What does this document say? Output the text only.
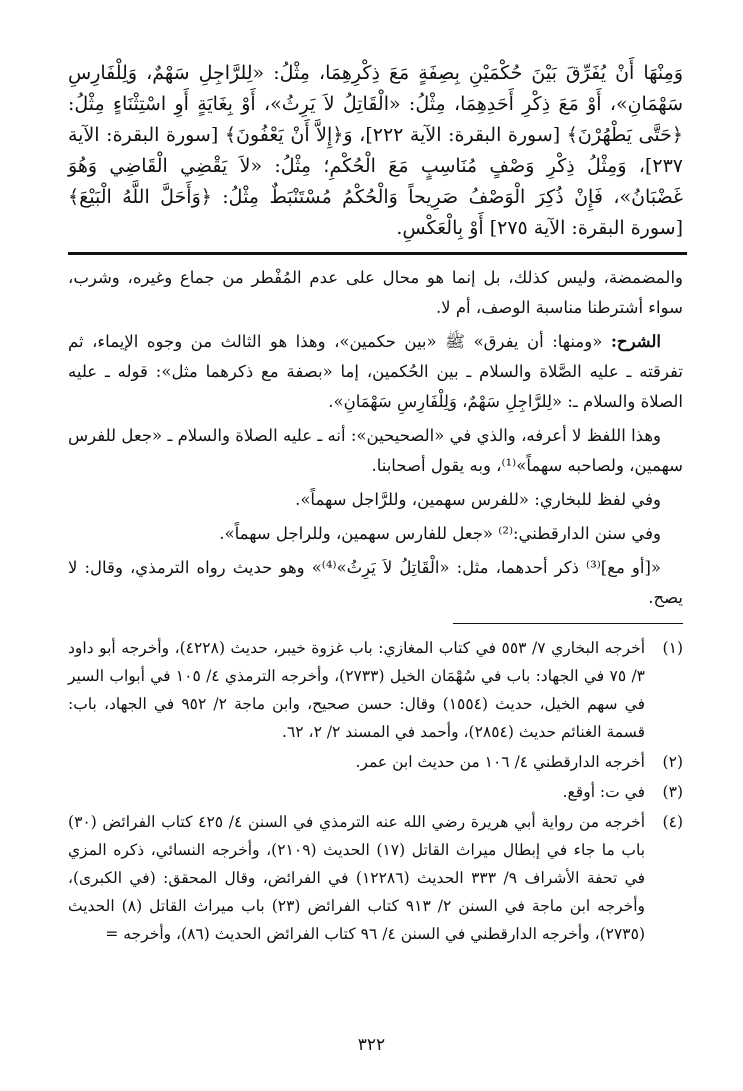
وَمِنْهَا أَنْ يُفَرِّقَ بَيْنَ حُكْمَيْنِ بِصِفَةٍ مَعَ ذِكْرِهِمَا، مِثْلُ: «لِلرَّاجِلِ سَهْمٌ، وَلِلْفَارِسِ سَهْمَانِ»، أَوْ مَعَ ذِكْرِ أَحَدِهِمَا، مِثْلُ: «الْقَاتِلُ لاَ يَرِثُ»، أَوْ بِغَايَةٍ أَوِ اسْتِثْنَاءٍ مِثْلُ: ﴿حَتَّى يَطْهُرْنَ﴾ [سورة البقرة: الآية ٢٢٢]، وَ﴿إِلاَّ أَنْ يَعْفُونَ﴾ [سورة البقرة: الآية ٢٣٧]، وَمِثْلُ ذِكْرِ وَصْفٍ مُنَاسِبٍ مَعَ الْحُكْمِ؛ مِثْلُ: «لاَ يَقْضِي الْقَاضِي وَهُوَ غَضْبَانُ»، فَإِنْ ذُكِرَ الْوَصْفُ صَرِيحاً وَالْحُكْمُ مُسْتَنْبَطٌ مِثْلُ: ﴿وَأَحَلَّ اللَّهُ الْبَيْعَ﴾ [سورة البقرة: الآية ٢٧٥] أَوْ بِالْعَكْسِ.

والمضمضة، وليس كذلك، بل إنما هو محال على عدم المُفْطر من جماع وغيره، وشرب، سواء أشترطنا مناسبة الوصف، أم لا.

الشرح: «ومنها: أن يفرق» ﷺ «بين حكمين»، وهذا هو الثالث من وجوه الإيماء، ثم تفرقته ـ عليه الصَّلاة والسلام ـ بين الحُكمين، إما «بصفة مع ذكرهما مثل»: قوله ـ عليه الصلاة والسلام ـ: «لِلرَّاجِلِ سَهْمٌ، وَلِلْفَارِسِ سَهْمَانِ».

وهذا اللفظ لا أعرفه، والذي في «الصحيحين»: أنه ـ عليه الصلاة والسلام ـ «جعل للفرس سهمين، ولصاحبه سهماً»⁽¹⁾، وبه يقول أصحابنا.

وفي لفظ للبخاري: «للفرس سهمين، وللرَّاجل سهماً».

وفي سنن الدارقطني:⁽²⁾ «جعل للفارس سهمين، وللراجل سهماً».

«[أو مع]⁽³⁾ ذكر أحدهما، مثل: «الْقَاتِلُ لاَ يَرِثُ»⁽⁴⁾» وهو حديث رواه الترمذي، وقال: لا يصح.

(١)
أخرجه البخاري ٧/ ٥٥٣ في كتاب المغازي: باب غزوة خيبر، حديث (٤٢٢٨)، وأخرجه أبو داود ٣/ ٧٥ في الجهاد: باب في سُهْمَان الخيل (٢٧٣٣)، وأخرجه الترمذي ٤/ ١٠٥ في أبواب السير في سهم الخيل، حديث (١٥٥٤) وقال: حسن صحيح، وابن ماجة ٢/ ٩٥٢ في الجهاد، باب: قسمة الغنائم حديث (٢٨٥٤)، وأحمد في المسند ٢/ ٢، ٦٢.
(٢)
أخرجه الدارقطني ٤/ ١٠٦ من حديث ابن عمر.
(٣)
في ت: أوقع.
(٤)
أخرجه من رواية أبي هريرة رضي الله عنه الترمذي في السنن ٤/ ٤٢٥ كتاب الفرائض (٣٠) باب ما جاء في إبطال ميراث القاتل (١٧) الحديث (٢١٠٩)، وأخرجه النسائي، ذكره المزي في تحفة الأشراف ٩/ ٣٣٣ الحديث (١٢٢٨٦) في الفرائض، وقال المحقق: (في الكبرى)، وأخرجه ابن ماجة في السنن ٢/ ٩١٣ كتاب الفرائض (٢٣) باب ميراث القاتل (٨) الحديث (٢٧٣٥)، وأخرجه الدارقطني في السنن ٤/ ٩٦ كتاب الفرائض الحديث (٨٦)، وأخرجه =
٣٢٢
